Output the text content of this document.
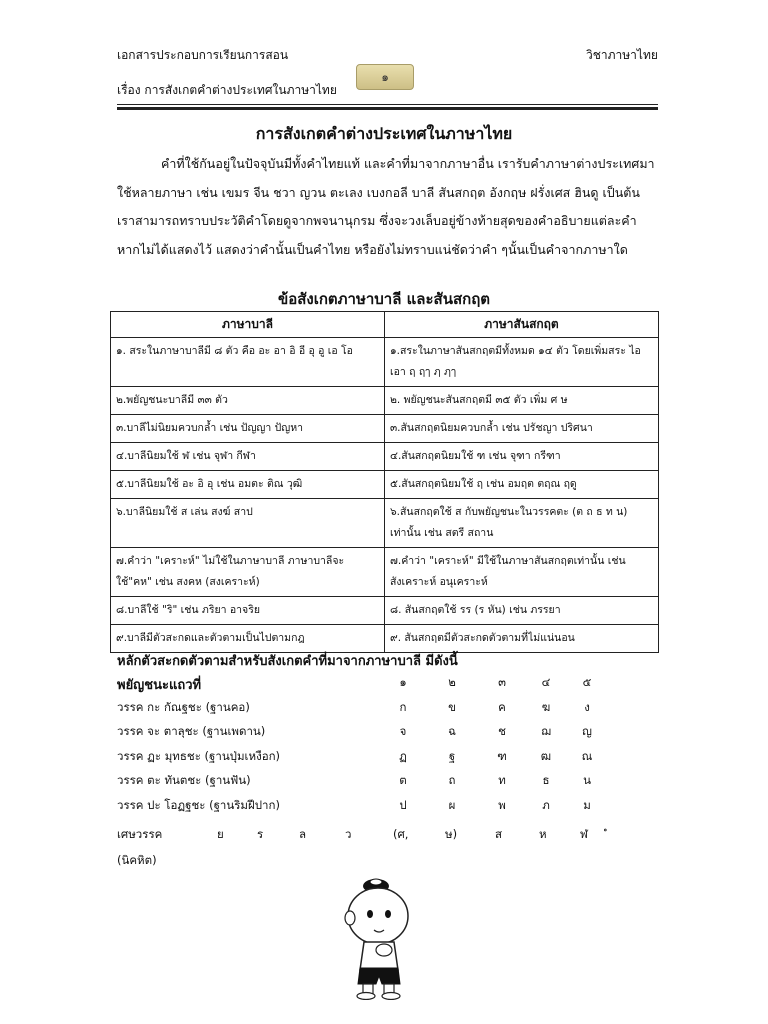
เอกสารประกอบการเรียนการสอน	วิชาภาษาไทย
เรื่อง การสังเกตคำต่างประเทศในภาษาไทย
๑
การสังเกตคำต่างประเทศในภาษาไทย

คำที่ใช้กันอยู่ในปัจจุบันมีทั้งคำไทยแท้ และคำที่มาจากภาษาอื่น เรารับคำภาษาต่างประเทศมาใช้หลายภาษา เช่น เขมร จีน ชวา ญวน ตะเลง เบงกอลี บาลี สันสกฤต อังกฤษ ฝรั่งเศส ฮินดู เป็นต้น เราสามารถทราบประวัติคำโดยดูจากพจนานุกรม ซึ่งจะวงเล็บอยู่ข้างท้ายสุดของคำอธิบายแต่ละคำ หากไม่ได้แสดงไว้ แสดงว่าคำนั้นเป็นคำไทย หรือยังไม่ทราบแน่ชัดว่าคำ ๆนั้นเป็นคำจากภาษาใด

ข้อสังเกตภาษาบาลี และสันสกฤต
ภาษาบาลี	ภาษาสันสกฤต
๑. สระในภาษาบาลีมี ๘ ตัว คือ อะ อา อิ อี อุ อู เอ โอ	๑.สระในภาษาสันสกฤตมีทั้งหมด ๑๔ ตัว โดยเพิ่มสระ ไอ เอา ฤ ฤๅ ฦ ฦๅ
๒.พยัญชนะบาลีมี ๓๓ ตัว	๒. พยัญชนะสันสกฤตมี ๓๕ ตัว เพิ่ม ศ ษ
๓.บาลีไม่นิยมควบกล้ำ เช่น ปัญญา ปัญหา	๓.สันสกฤตนิยมควบกล้ำ เช่น ปรัชญา ปริศนา
๔.บาลีนิยมใช้ ฬ เช่น จุฬา กีฬา	๔.สันสกฤตนิยมใช้ ฑ เช่น จุฑา กรีฑา
๕.บาลีนิยมใช้ อะ อิ อุ เช่น อมตะ ติณ วุฒิ	๕.สันสกฤตนิยมใช้ ฤ เช่น อมฤต ตฤณ ฤดู
๖.บาลีนิยมใช้ ส เล่น สงฆ์ สาป	๖.สันสกฤตใช้ ส กับพยัญชนะในวรรคตะ (ต ถ ธ ท น) เท่านั้น เช่น สตรี สถาน
๗.คำว่า "เคราะห์" ไม่ใช้ในภาษาบาลี ภาษาบาลีจะใช้"คห" เช่น สงคห (สงเคราะห์)	๗.คำว่า "เคราะห์" มีใช้ในภาษาสันสกฤตเท่านั้น เช่น สังเคราะห์ อนุเคราะห์
๘.บาลีใช้ "ริ" เช่น ภริยา อาจริย	๘. สันสกฤตใช้ รร (ร หัน) เช่น ภรรยา
๙.บาลีมีตัวสะกดและตัวตามเป็นไปตามกฎ	๙. สันสกฤตมีตัวสะกดตัวตามที่ไม่แน่นอน
หลักตัวสะกดตัวตามสำหรับสังเกตคำที่มาจากภาษาบาลี มีดังนี้
พยัญชนะแถวที่	๑	๒	๓	๔	๕
วรรค กะ กัณฐชะ (ฐานคอ)	ก	ข	ค	ฆ	ง
วรรค จะ ตาลุชะ (ฐานเพดาน)	จ	ฉ	ช	ฌ	ญ
วรรค ฏะ มุทธชะ (ฐานปุ่มเหงือก)	ฏ	ฐ	ฑ	ฒ	ณ
วรรค ตะ ทันตชะ (ฐานฟัน)	ต	ถ	ท	ธ	น
วรรค ปะ โอฏฐชะ (ฐานริมฝีปาก)	ป	ผ	พ	ภ	ม
เศษวรรค	ย	ร	ล	ว	(ศ,	ษ)	ส	ห	ฬ
(นิคหิต)
